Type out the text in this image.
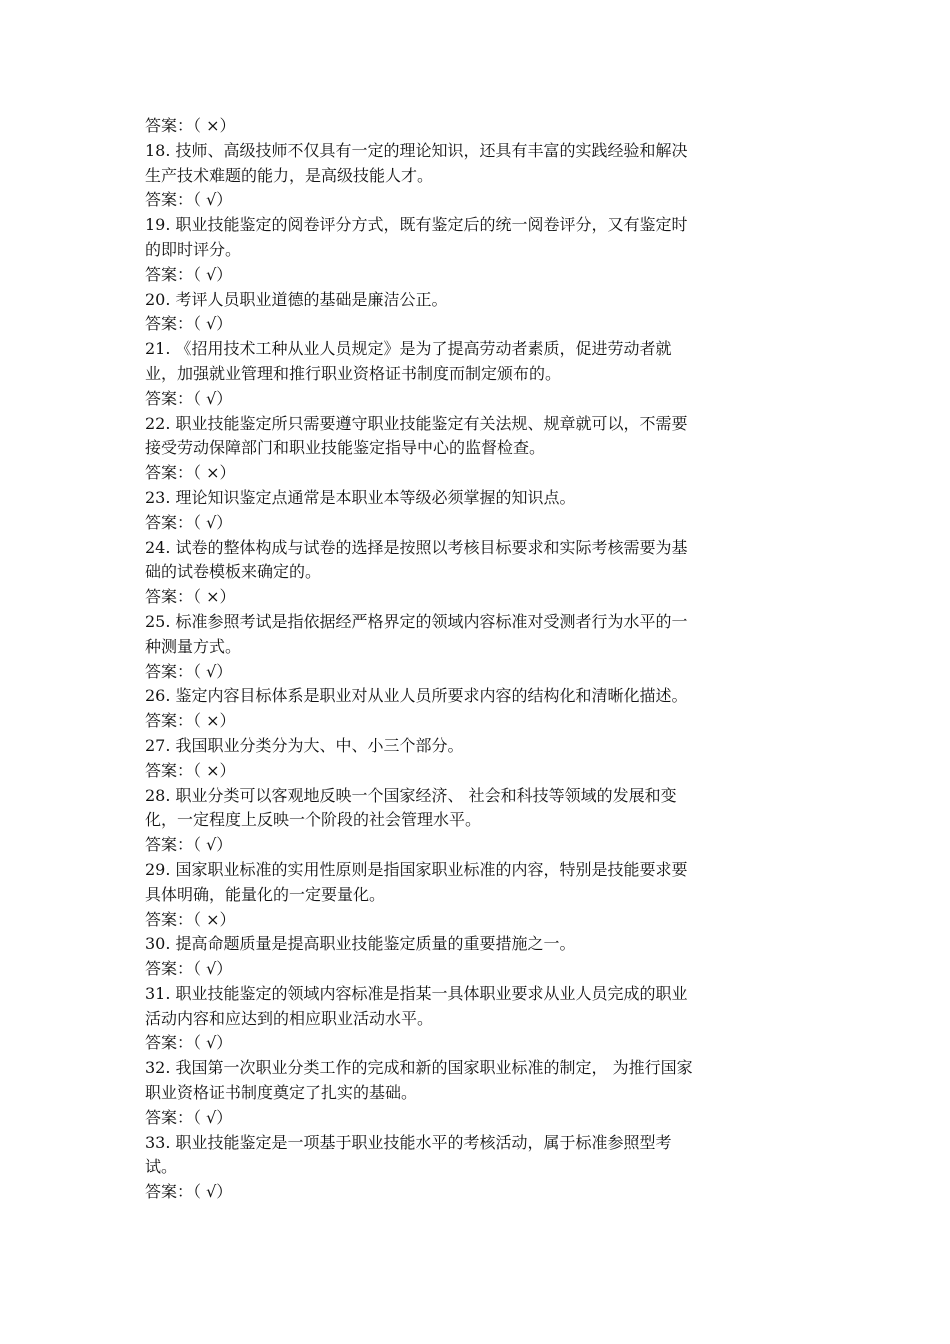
答案：（ ×）
18. 技师、高级技师不仅具有一定的理论知识，还具有丰富的实践经验和解决
生产技术难题的能力，是高级技能人才。
答案：（ √）
19. 职业技能鉴定的阅卷评分方式，既有鉴定后的统一阅卷评分，又有鉴定时
的即时评分。
答案：（ √）
20. 考评人员职业道德的基础是廉洁公正。
答案：（ √）
21. 《招用技术工种从业人员规定》是为了提高劳动者素质，促进劳动者就
业，加强就业管理和推行职业资格证书制度而制定颁布的。
答案：（ √）
22. 职业技能鉴定所只需要遵守职业技能鉴定有关法规、规章就可以，不需要
接受劳动保障部门和职业技能鉴定指导中心的监督检查。
答案：（ ×）
23. 理论知识鉴定点通常是本职业本等级必须掌握的知识点。
答案：（ √）
24. 试卷的整体构成与试卷的选择是按照以考核目标要求和实际考核需要为基
础的试卷模板来确定的。
答案：（ ×）
25. 标准参照考试是指依据经严格界定的领域内容标准对受测者行为水平的一
种测量方式。
答案：（ √）
26. 鉴定内容目标体系是职业对从业人员所要求内容的结构化和清晰化描述。
答案：（ ×）
27. 我国职业分类分为大、中、小三个部分。
答案：（ ×）
28. 职业分类可以客观地反映一个国家经济、 社会和科技等领域的发展和变
化，一定程度上反映一个阶段的社会管理水平。
答案：（ √）
29. 国家职业标准的实用性原则是指国家职业标准的内容，特别是技能要求要
具体明确，能量化的一定要量化。
答案：（ ×）
30. 提高命题质量是提高职业技能鉴定质量的重要措施之一。
答案：（ √）
31. 职业技能鉴定的领域内容标准是指某一具体职业要求从业人员完成的职业
活动内容和应达到的相应职业活动水平。
答案：（ √）
32. 我国第一次职业分类工作的完成和新的国家职业标准的制定， 为推行国家
职业资格证书制度奠定了扎实的基础。
答案：（ √）
33. 职业技能鉴定是一项基于职业技能水平的考核活动，属于标准参照型考
试。
答案：（ √）
